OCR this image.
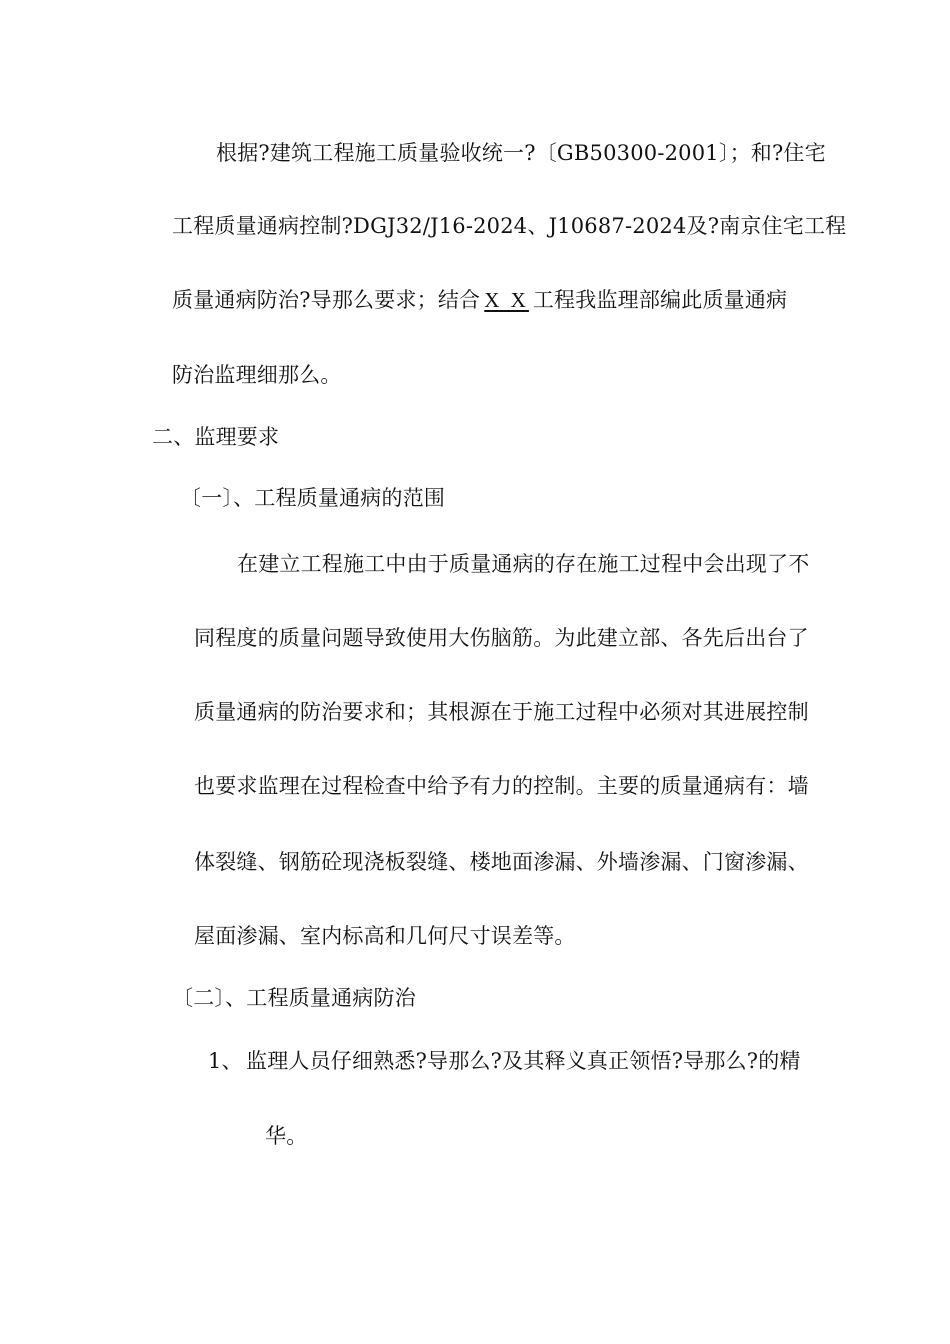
根据?建筑工程施工质量验收统一?〔GB50300-2001〕；和?住宅
工程质量通病控制?DGJ32/J16-2024、J10687-2024及?南京住宅工程
质量通病防治?导那么要求；结合 X X工程我监理部编此质量通病
防治监理细那么。
二、监理要求
〔一〕、工程质量通病的范围
在建立工程施工中由于质量通病的存在施工过程中会出现了不
同程度的质量问题导致使用大伤脑筋。为此建立部、各先后出台了
质量通病的防治要求和；其根源在于施工过程中必须对其进展控制
也要求监理在过程检查中给予有力的控制。主要的质量通病有：墙
体裂缝、钢筋砼现浇板裂缝、楼地面渗漏、外墙渗漏、门窗渗漏、
屋面渗漏、室内标高和几何尺寸误差等。
〔二〕、工程质量通病防治
1、 监理人员仔细熟悉?导那么?及其释义真正领悟?导那么?的精
华。
